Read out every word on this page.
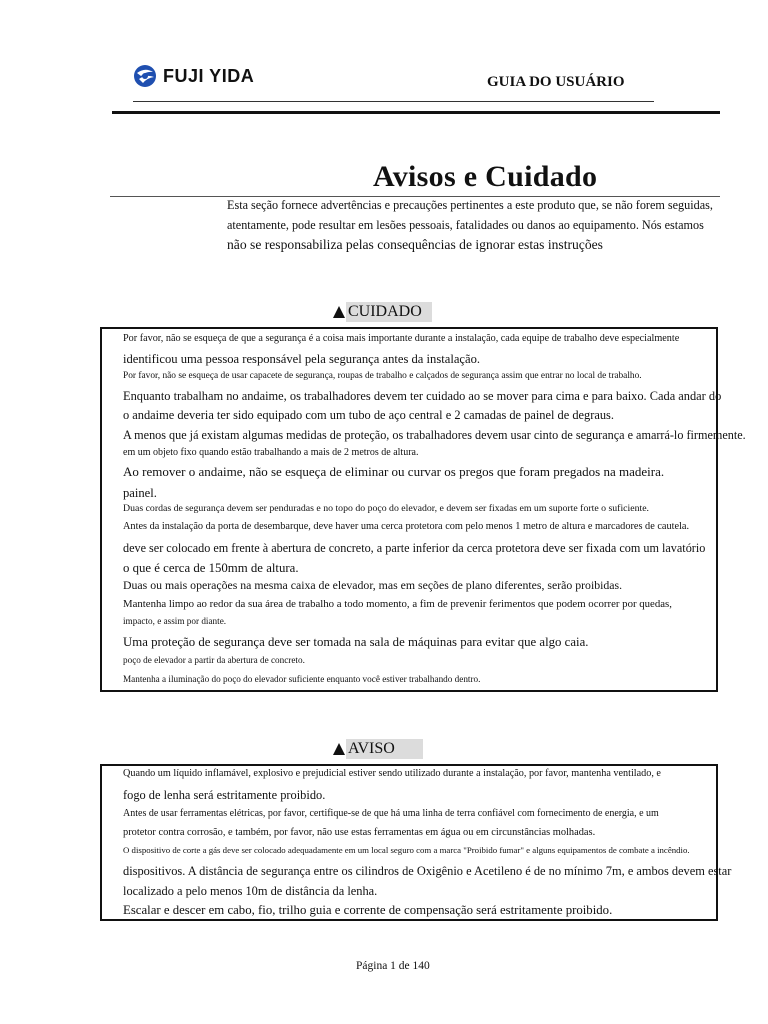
FUJI YIDA	GUIA DO USUÁRIO
Avisos e Cuidado
Esta seção fornece advertências e precauções pertinentes a este produto que, se não forem seguidas,
atentamente, pode resultar em lesões pessoais, fatalidades ou danos ao equipamento. Nós estamos
não se responsabiliza pelas consequências de ignorar estas instruções
CUIDADO
Por favor, não se esqueça de que a segurança é a coisa mais importante durante a instalação, cada equipe de trabalho deve especialmente
identificou uma pessoa responsável pela segurança antes da instalação.
Por favor, não se esqueça de usar capacete de segurança, roupas de trabalho e calçados de segurança assim que entrar no local de trabalho.
Enquanto trabalham no andaime, os trabalhadores devem ter cuidado ao se mover para cima e para baixo. Cada andar do
o andaime deveria ter sido equipado com um tubo de aço central e 2 camadas de painel de degraus.
A menos que já existam algumas medidas de proteção, os trabalhadores devem usar cinto de segurança e amarrá-lo firmemente.
em um objeto fixo quando estão trabalhando a mais de 2 metros de altura.
Ao remover o andaime, não se esqueça de eliminar ou curvar os pregos que foram pregados na madeira.
painel.
Duas cordas de segurança devem ser penduradas e no topo do poço do elevador, e devem ser fixadas em um suporte forte o suficiente.
Antes da instalação da porta de desembarque, deve haver uma cerca protetora com pelo menos 1 metro de altura e marcadores de cautela.
deve ser colocado em frente à abertura de concreto, a parte inferior da cerca protetora deve ser fixada com um lavatório
o que é cerca de 150mm de altura.
Duas ou mais operações na mesma caixa de elevador, mas em seções de plano diferentes, serão proibidas.
Mantenha limpo ao redor da sua área de trabalho a todo momento, a fim de prevenir ferimentos que podem ocorrer por quedas,
impacto, e assim por diante.
Uma proteção de segurança deve ser tomada na sala de máquinas para evitar que algo caia.
poço de elevador a partir da abertura de concreto.
Mantenha a iluminação do poço do elevador suficiente enquanto você estiver trabalhando dentro.
AVISO
Quando um líquido inflamável, explosivo e prejudicial estiver sendo utilizado durante a instalação, por favor, mantenha ventilado, e
fogo de lenha será estritamente proibido.
Antes de usar ferramentas elétricas, por favor, certifique-se de que há uma linha de terra confiável com fornecimento de energia, e um
protetor contra corrosão, e também, por favor, não use estas ferramentas em água ou em circunstâncias molhadas.
O dispositivo de corte a gás deve ser colocado adequadamente em um local seguro com a marca "Proibido fumar" e alguns equipamentos de combate a incêndio.
dispositivos. A distância de segurança entre os cilindros de Oxigênio e Acetileno é de no mínimo 7m, e ambos devem estar
localizado a pelo menos 10m de distância da lenha.
Escalar e descer em cabo, fio, trilho guia e corrente de compensação será estritamente proibido.
Página 1 de 140
